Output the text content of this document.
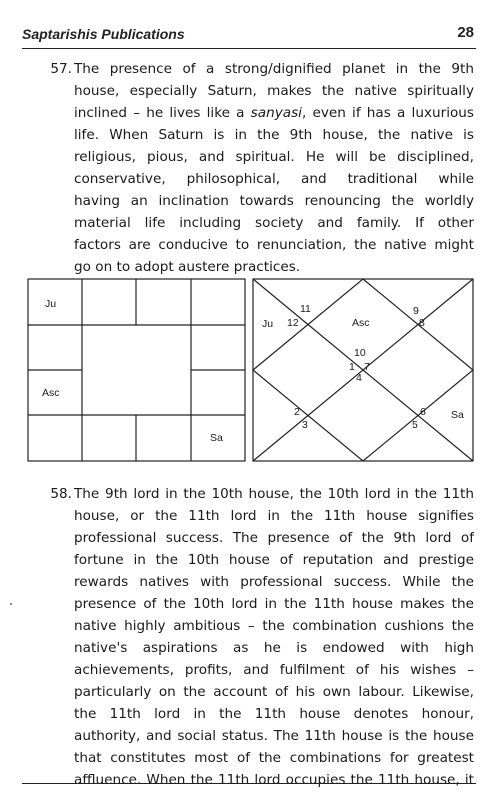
Saptarishis Publications	28
57. The presence of a strong/dignified planet in the 9th
house, especially Saturn, makes the native spiritually
inclined – he lives like a sanyasi, even if has a luxurious
life. When Saturn is in the 9th house, the native is
religious, pious, and spiritual. He will be disciplined,
conservative, philosophical, and traditional while
having an inclination towards renouncing the worldly
material life including society and family. If other
factors are conducive to renunciation, the native might
go on to adopt austere practices.
Ju
Asc
Sa
10
1 7
4
Asc
11
12
Ju
9
8
2
3
6
5
Sa
58. The 9th lord in the 10th house, the 10th lord in the 11th
house, or the 11th lord in the 11th house signifies
professional success. The presence of the 9th lord of
fortune in the 10th house of reputation and prestige
rewards natives with professional success. While the
presence of the 10th lord in the 11th house makes the
native highly ambitious – the combination cushions the
native's aspirations as he is endowed with high
achievements, profits, and fulfilment of his wishes –
particularly on the account of his own labour. Likewise,
the 11th lord in the 11th house denotes honour,
authority, and social status. The 11th house is the house
that constitutes most of the combinations for greatest
affluence. When the 11th lord occupies the 11th house, it
